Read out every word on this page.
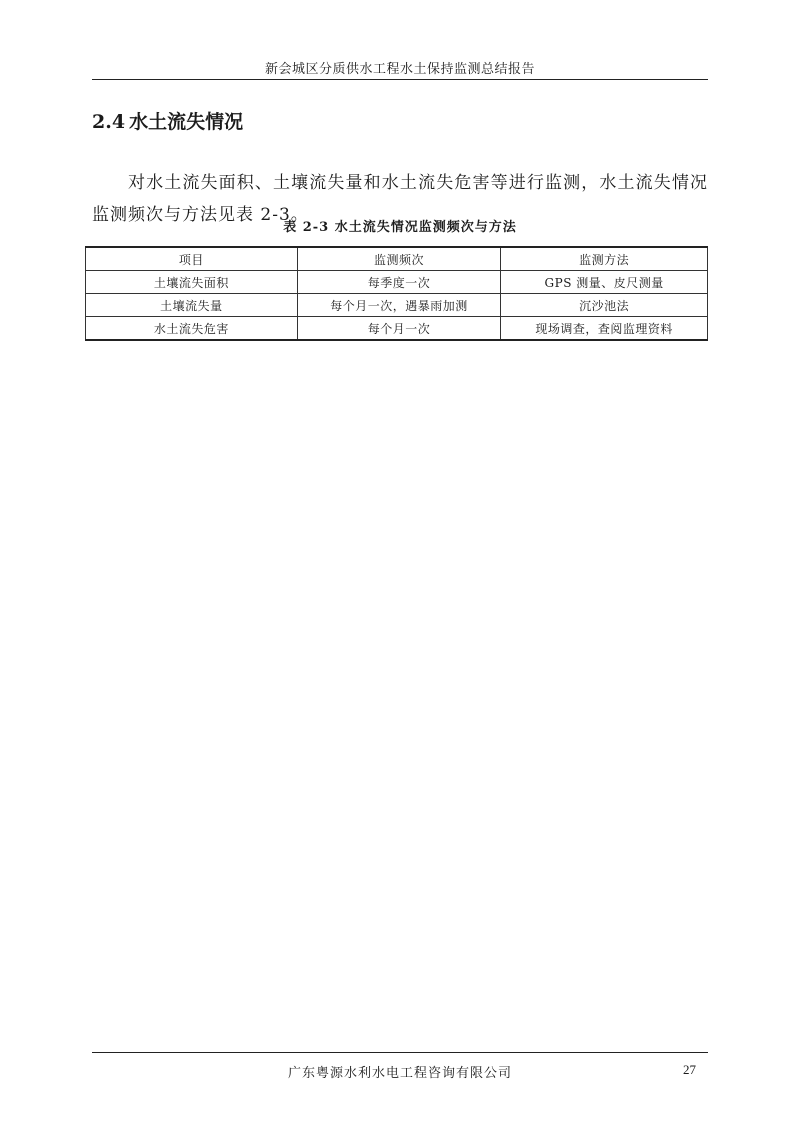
新会城区分质供水工程水土保持监测总结报告
2.4 水土流失情况

对水土流失面积、土壤流失量和水土流失危害等进行监测，水土流失情况监测频次与方法见表 2-3。

表 2-3 水土流失情况监测频次与方法
项目	监测频次	监测方法
土壤流失面积	每季度一次	GPS 测量、皮尺测量
土壤流失量	每个月一次，遇暴雨加测	沉沙池法
水土流失危害	每个月一次	现场调查，查阅监理资料
广东粤源水利水电工程咨询有限公司	27
